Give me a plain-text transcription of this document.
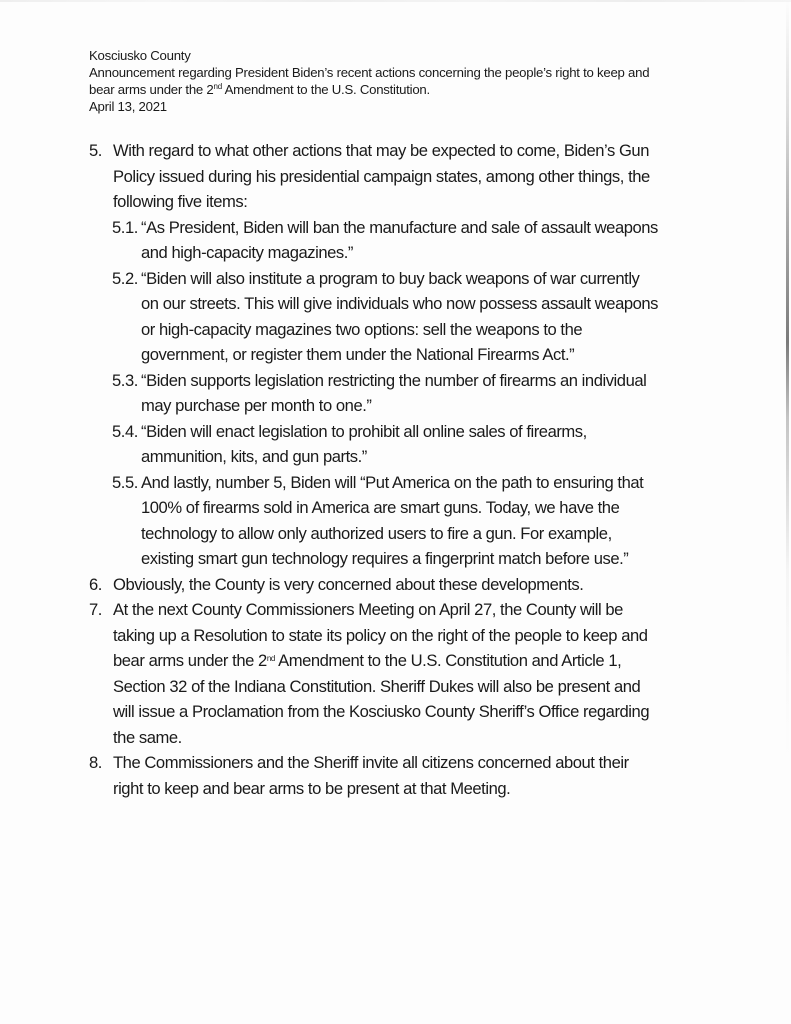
Kosciusko County
Announcement regarding President Biden’s recent actions concerning the people’s right to keep and
bear arms under the 2nd Amendment to the U.S. Constitution.
April 13, 2021
5. With regard to what other actions that may be expected to come, Biden’s Gun
Policy issued during his presidential campaign states, among other things, the
following five items:
5.1. “As President, Biden will ban the manufacture and sale of assault weapons
and high-capacity magazines.”
5.2. “Biden will also institute a program to buy back weapons of war currently
on our streets. This will give individuals who now possess assault weapons
or high-capacity magazines two options: sell the weapons to the
government, or register them under the National Firearms Act.”
5.3. “Biden supports legislation restricting the number of firearms an individual
may purchase per month to one.”
5.4. “Biden will enact legislation to prohibit all online sales of firearms,
ammunition, kits, and gun parts.”
5.5. And lastly, number 5, Biden will “Put America on the path to ensuring that
100% of firearms sold in America are smart guns. Today, we have the
technology to allow only authorized users to fire a gun. For example,
existing smart gun technology requires a fingerprint match before use.”
6. Obviously, the County is very concerned about these developments.
7. At the next County Commissioners Meeting on April 27, the County will be
taking up a Resolution to state its policy on the right of the people to keep and
bear arms under the 2nd Amendment to the U.S. Constitution and Article 1,
Section 32 of the Indiana Constitution. Sheriff Dukes will also be present and
will issue a Proclamation from the Kosciusko County Sheriff’s Office regarding
the same.
8. The Commissioners and the Sheriff invite all citizens concerned about their
right to keep and bear arms to be present at that Meeting.
